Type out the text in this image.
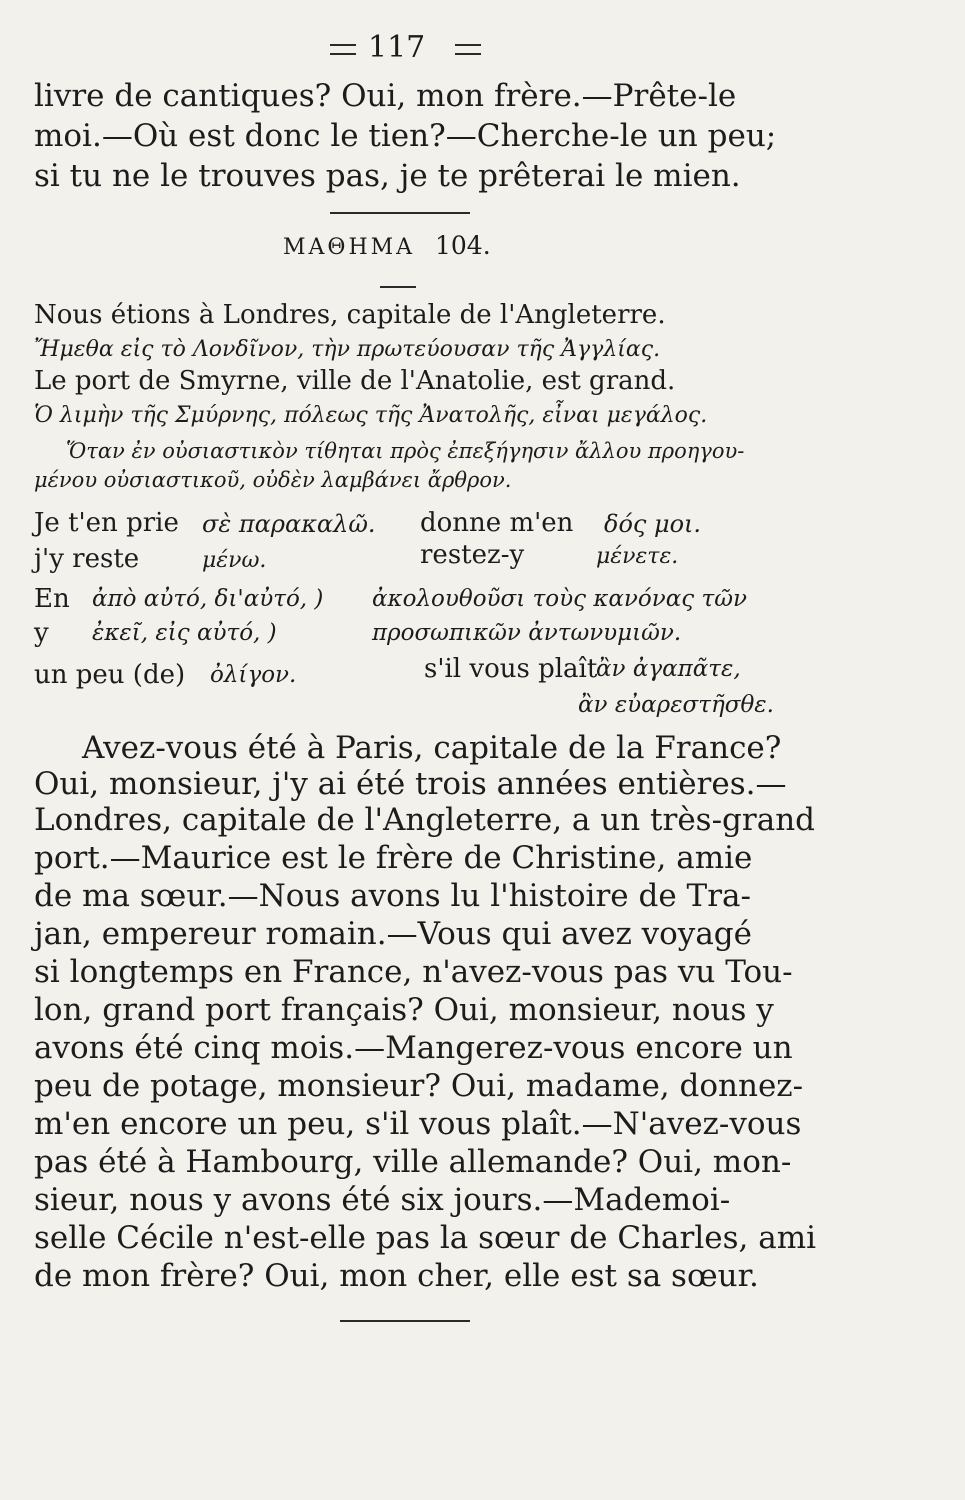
117
livre de cantiques? Oui, mon frère.—Prête-le
moi.—Où est donc le tien?—Cherche-le un peu;
si tu ne le trouves pas, je te prêterai le mien.
ΜΑΘΗΜΑ 104.
Nous étions à Londres, capitale de l'Angleterre.
Ἤμεθα εἰς τὸ Λονδῖνον, τὴν πρωτεύουσαν τῆς Ἀγγλίας.
Le port de Smyrne, ville de l'Anatolie, est grand.
Ὁ λιμὴν τῆς Σμύρνης, πόλεως τῆς Ἀνατολῆς, εἶναι μεγάλος.
Ὅταν ἐν οὐσιαστικὸν τίθηται πρὸς ἐπεξήγησιν ἄλλου προηγου-
μένου οὐσιαστικοῦ, οὐδὲν λαμβάνει ἄρθρον.
Je t'en prie σὲ παρακαλῶ.
j'y reste	μένω.
En ἀπὸ αὐτό, δι'αὐτό, )
y ἐκεῖ, εἰς αὐτό, )
un peu (de) ὀλίγον.
donne m'en δός μοι.
restez-y	μένετε.
ἀκολουθοῦσι τοὺς κανόνας τῶν
προσωπικῶν ἀντωνυμιῶν.
s'il vous plaît
ἂν ἀγαπᾶτε,
ἂν εὐαρεστῆσθε.
Avez-vous été à Paris, capitale de la France?
Oui, monsieur, j'y ai été trois années entières.—
Londres, capitale de l'Angleterre, a un très-grand
port.—Maurice est le frère de Christine, amie
de ma sœur.—Nous avons lu l'histoire de Tra-
jan, empereur romain.—Vous qui avez voyagé
si longtemps en France, n'avez-vous pas vu Tou-
lon, grand port français? Oui, monsieur, nous y
avons été cinq mois.—Mangerez-vous encore un
peu de potage, monsieur? Oui, madame, donnez-
m'en encore un peu, s'il vous plaît.—N'avez-vous
pas été à Hambourg, ville allemande? Oui, mon-
sieur, nous y avons été six jours.—Mademoi-
selle Cécile n'est-elle pas la sœur de Charles, ami
de mon frère? Oui, mon cher, elle est sa sœur.
